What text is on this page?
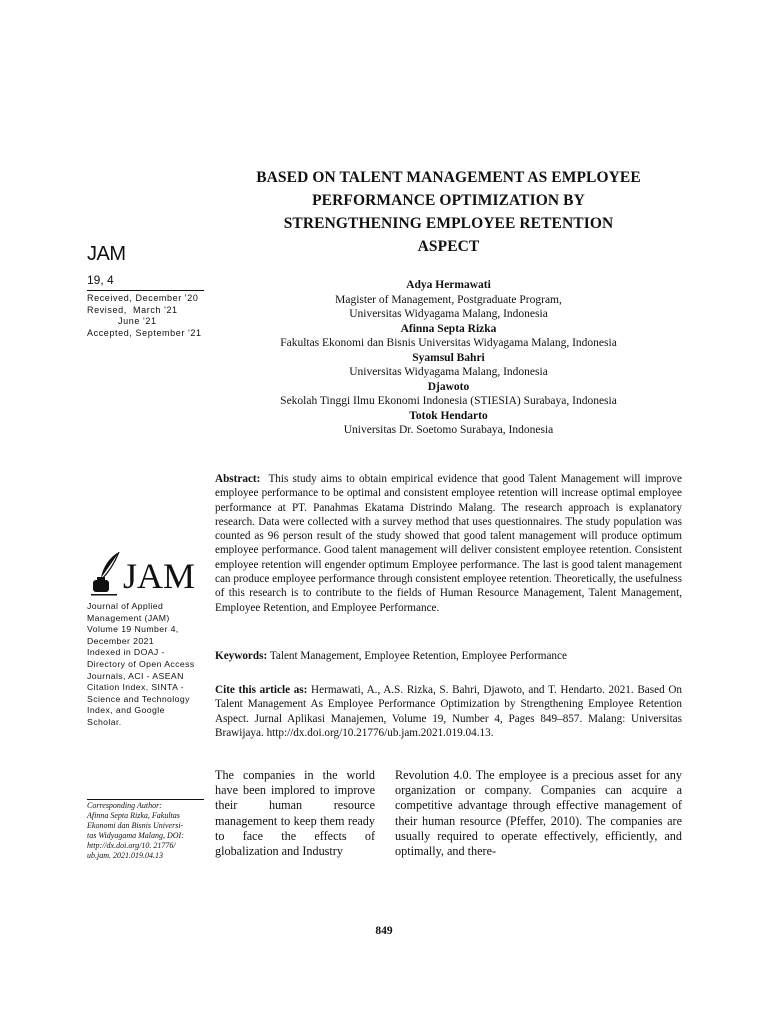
BASED ON TALENT MANAGEMENT AS EMPLOYEE
PERFORMANCE OPTIMIZATION BY
STRENGTHENING EMPLOYEE RETENTION
ASPECT
JAM
19, 4
Received, December '20
Revised,  March '21
June '21
Accepted, September '21
JAM
Journal of Applied
Management (JAM)
Volume 19 Number 4,
December 2021
Indexed in DOAJ -
Directory of Open Access
Journals, ACI - ASEAN
Citation Index, SINTA -
Science and Technology
Index, and Google
Scholar.
Corresponding Author:
Afinna Septa Rizka, Fakultas
Ekonomi dan Bisnis Universi-
tas Widyagama Malang, DOI:
http://dx.doi.org/10. 21776/
ub.jam. 2021.019.04.13
Adya Hermawati
Magister of Management, Postgraduate Program,
Universitas Widyagama Malang, Indonesia
Afinna Septa Rizka
Fakultas Ekonomi dan Bisnis Universitas Widyagama Malang, Indonesia
Syamsul Bahri
Universitas Widyagama Malang, Indonesia
Djawoto
Sekolah Tinggi Ilmu Ekonomi Indonesia (STIESIA) Surabaya, Indonesia
Totok Hendarto
Universitas Dr. Soetomo Surabaya, Indonesia
Abstract: This study aims to obtain empirical evidence that good Talent Management will improve employee performance to be optimal and consistent employee retention will increase optimal employee performance at PT. Panahmas Ekatama Distrindo Malang. The research approach is explanatory research. Data were collected with a survey method that uses questionnaires. The study population was counted as 96 person result of the study showed that good talent management will produce optimum employee performance. Good talent management will deliver consistent employee retention. Consistent employee retention will engender optimum Employee performance. The last is good talent management can produce employee performance through consistent employee retention. Theoretically, the usefulness of this research is to contribute to the fields of Human Resource Management, Talent Management, Employee Retention, and Employee Performance.
Keywords: Talent Management, Employee Retention, Employee Performance
Cite this article as: Hermawati, A., A.S. Rizka, S. Bahri, Djawoto, and T. Hendarto. 2021. Based On Talent Management As Employee Performance Optimization by Strengthening Employee Retention Aspect. Jurnal Aplikasi Manajemen, Volume 19, Number 4, Pages 849–857. Malang: Universitas Brawijaya. http://dx.doi.org/10.21776/ub.jam.2021.019.04.13.
The companies in the world have been implored to improve their human resource management to keep them ready to face the effects of globalization and Industry
Revolution 4.0. The employee is a precious asset for any organization or company. Companies can acquire a competitive advantage through effective management of their human resource (Pfeffer, 2010). The companies are usually required to operate effectively, efficiently, and optimally, and there-
849
